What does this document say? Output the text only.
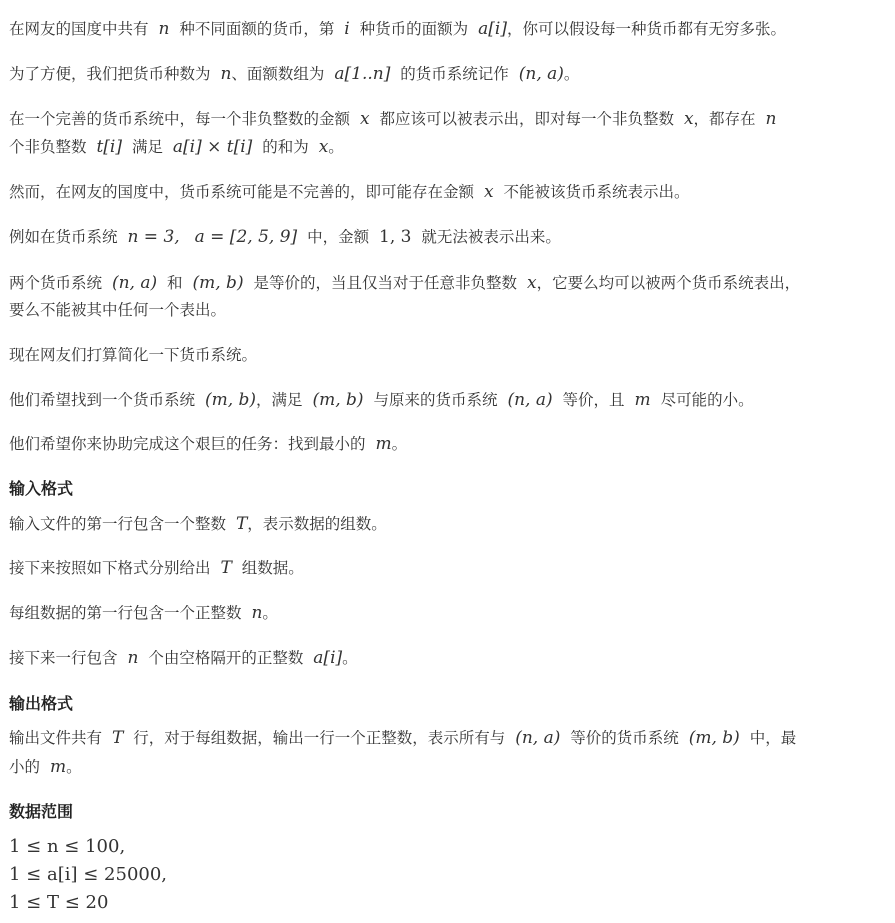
在网友的国度中共有 n 种不同面额的货币，第 i 种货币的面额为 a[i]，你可以假设每一种货币都有无穷多张。
为了方便，我们把货币种数为 n、面额数组为 a[1..n] 的货币系统记作 (n, a)。
在一个完善的货币系统中，每一个非负整数的金额 x 都应该可以被表示出，即对每一个非负整数 x，都存在 n
个非负整数 t[i] 满足 a[i] × t[i] 的和为 x。
然而，在网友的国度中，货币系统可能是不完善的，即可能存在金额 x 不能被该货币系统表示出。
例如在货币系统 n = 3, a = [2, 5, 9] 中，金额 1, 3 就无法被表示出来。
两个货币系统 (n, a) 和 (m, b) 是等价的，当且仅当对于任意非负整数 x，它要么均可以被两个货币系统表出，
要么不能被其中任何一个表出。
现在网友们打算简化一下货币系统。
他们希望找到一个货币系统 (m, b)，满足 (m, b) 与原来的货币系统 (n, a) 等价，且 m 尽可能的小。
他们希望你来协助完成这个艰巨的任务：找到最小的 m。
输入格式
输入文件的第一行包含一个整数 T，表示数据的组数。
接下来按照如下格式分别给出 T 组数据。
每组数据的第一行包含一个正整数 n。
接下来一行包含 n 个由空格隔开的正整数 a[i]。
输出格式
输出文件共有 T 行，对于每组数据，输出一行一个正整数，表示所有与 (n, a) 等价的货币系统 (m, b) 中，最
小的 m。
数据范围
1 ≤ n ≤ 100,
1 ≤ a[i] ≤ 25000,
1 ≤ T ≤ 20
